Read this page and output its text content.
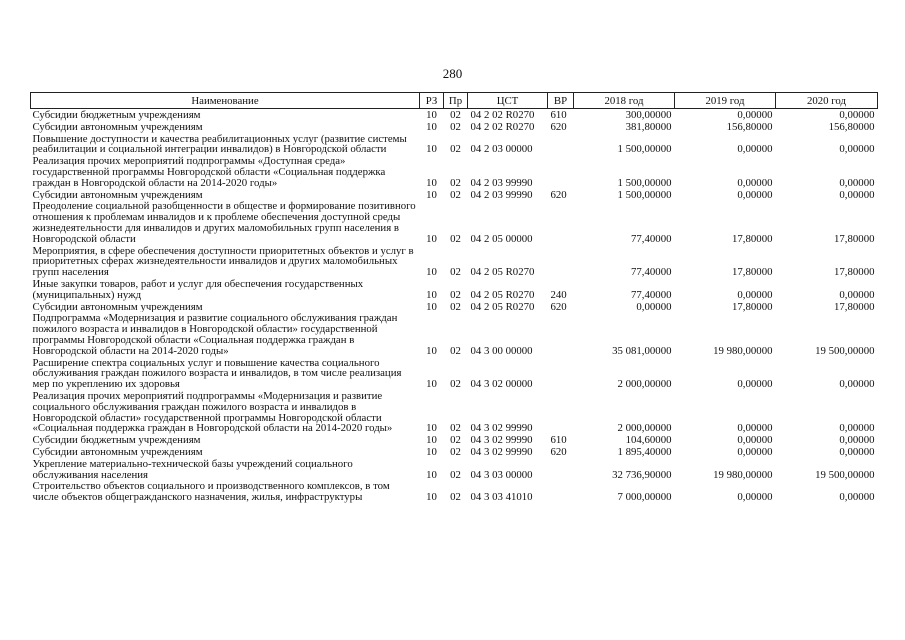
280
Наименование	РЗ	Пр	ЦСТ	ВР	2018 год	2019 год	2020 год
Субсидии бюджетным учреждениям	10	02	04 2 02 R0270	610	300,00000	0,00000	0,00000
Субсидии автономным учреждениям	10	02	04 2 02 R0270	620	381,80000	156,80000	156,80000
Повышение доступности и качества реабилитационных услуг (развитие системы реабилитации и социальной интеграции инвалидов) в Новгородской области	10	02	04 2 03 00000		1 500,00000	0,00000	0,00000
Реализация прочих мероприятий подпрограммы «Доступная среда» государственной программы Новгородской области «Социальная поддержка граждан в Новгородской области на 2014-2020 годы»	10	02	04 2 03 99990		1 500,00000	0,00000	0,00000
Субсидии автономным учреждениям	10	02	04 2 03 99990	620	1 500,00000	0,00000	0,00000
Преодоление социальной разобщенности в обществе и формирование позитивного отношения к проблемам инвалидов и к проблеме обеспечения доступной среды жизнедеятельности для инвалидов и других маломобильных групп населения в Новгородской области	10	02	04 2 05 00000		77,40000	17,80000	17,80000
Мероприятия, в сфере обеспечения доступности приоритетных объектов и услуг в приоритетных сферах жизнедеятельности инвалидов и других маломобильных групп населения	10	02	04 2 05 R0270		77,40000	17,80000	17,80000
Иные закупки товаров, работ и услуг для обеспечения государственных (муниципальных) нужд	10	02	04 2 05 R0270	240	77,40000	0,00000	0,00000
Субсидии автономным учреждениям	10	02	04 2 05 R0270	620	0,00000	17,80000	17,80000
Подпрограмма «Модернизация и развитие социального обслуживания граждан пожилого возраста и инвалидов в Новгородской области» государственной программы Новгородской области «Социальная поддержка граждан в Новгородской области на 2014-2020 годы»	10	02	04 3 00 00000		35 081,00000	19 980,00000	19 500,00000
Расширение спектра социальных услуг и повышение качества социального обслуживания граждан пожилого возраста и инвалидов, в том числе реализация мер по укреплению их здоровья	10	02	04 3 02 00000		2 000,00000	0,00000	0,00000
Реализация прочих мероприятий подпрограммы «Модернизация и развитие социального обслуживания граждан пожилого возраста и инвалидов в Новгородской области» государственной программы Новгородской области «Социальная поддержка граждан в Новгородской области на 2014-2020 годы»	10	02	04 3 02 99990		2 000,00000	0,00000	0,00000
Субсидии бюджетным учреждениям	10	02	04 3 02 99990	610	104,60000	0,00000	0,00000
Субсидии автономным учреждениям	10	02	04 3 02 99990	620	1 895,40000	0,00000	0,00000
Укрепление материально-технической базы учреждений социального обслуживания населения	10	02	04 3 03 00000		32 736,90000	19 980,00000	19 500,00000
Строительство объектов социального и производственного комплексов, в том числе объектов общегражданского назначения, жилья, инфраструктуры	10	02	04 3 03 41010		7 000,00000	0,00000	0,00000
